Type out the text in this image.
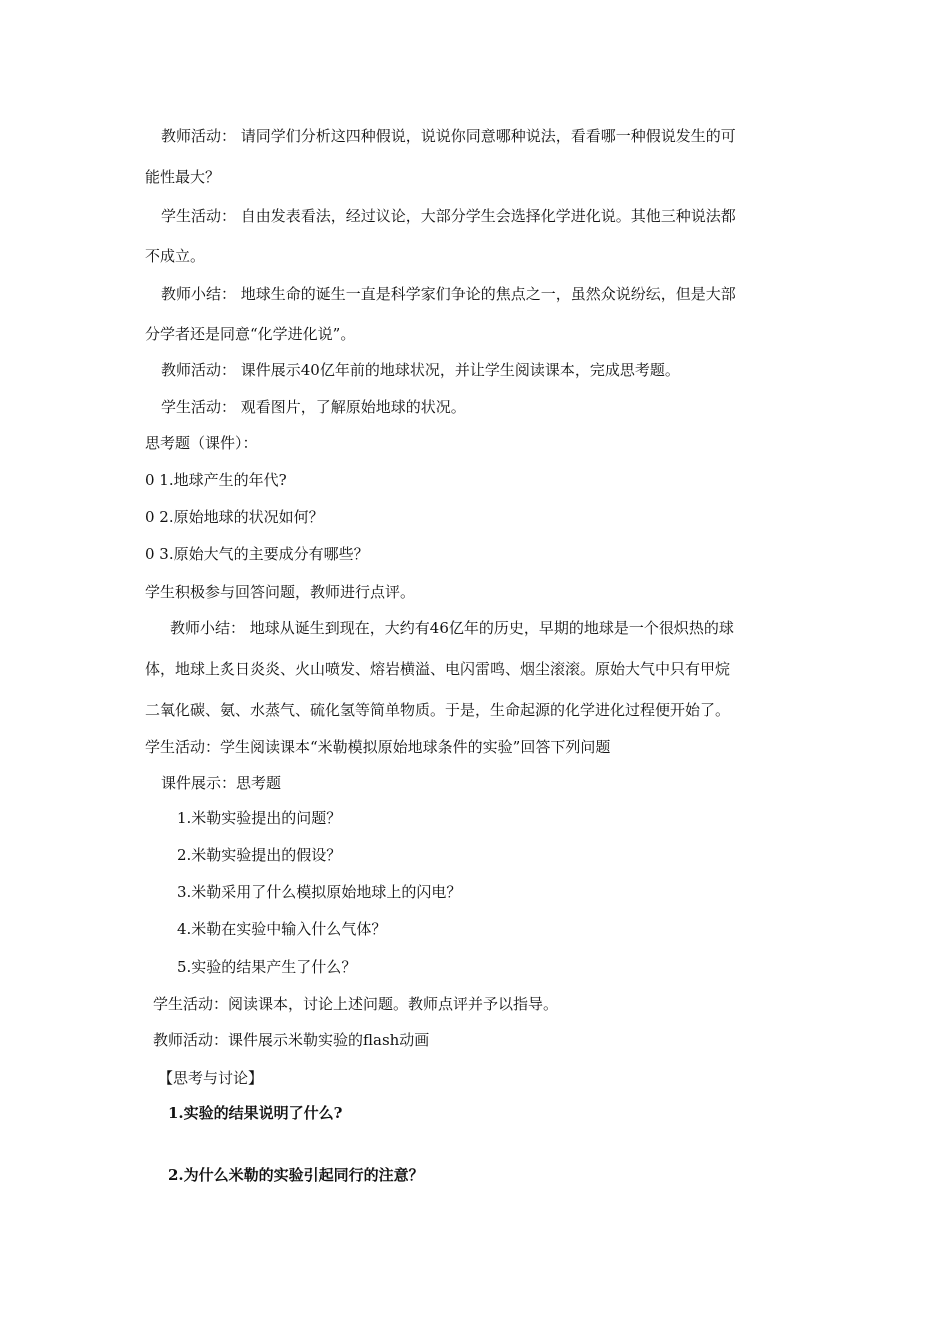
教师活动： 请同学们分析这四种假说，说说你同意哪种说法，看看哪一种假说发生的可
能性最大？
学生活动： 自由发表看法，经过议论，大部分学生会选择化学进化说。其他三种说法都
不成立。
教师小结： 地球生命的诞生一直是科学家们争论的焦点之一，虽然众说纷纭，但是大部
分学者还是同意“化学进化说”。
教师活动： 课件展示40亿年前的地球状况，并让学生阅读课本，完成思考题。
学生活动： 观看图片，了解原始地球的状况。
思考题（课件）：
0 1.地球产生的年代?
0 2.原始地球的状况如何？
0 3.原始大气的主要成分有哪些？
学生积极参与回答问题，教师进行点评。
教师小结： 地球从诞生到现在，大约有46亿年的历史，早期的地球是一个很炽热的球
体，地球上炙日炎炎、火山喷发、熔岩横溢、电闪雷鸣、烟尘滚滚。原始大气中只有甲烷
二氧化碳、氨、水蒸气、硫化氢等简单物质。于是，生命起源的化学进化过程便开始了。
学生活动：学生阅读课本“米勒模拟原始地球条件的实验”回答下列问题
课件展示：思考题
1.米勒实验提出的问题？
2.米勒实验提出的假设？
3.米勒采用了什么模拟原始地球上的闪电？
4.米勒在实验中输入什么气体？
5.实验的结果产生了什么？
学生活动：阅读课本，讨论上述问题。教师点评并予以指导。
教师活动：课件展示米勒实验的flash动画
【思考与讨论】
1.实验的结果说明了什么?
2.为什么米勒的实验引起同行的注意？
